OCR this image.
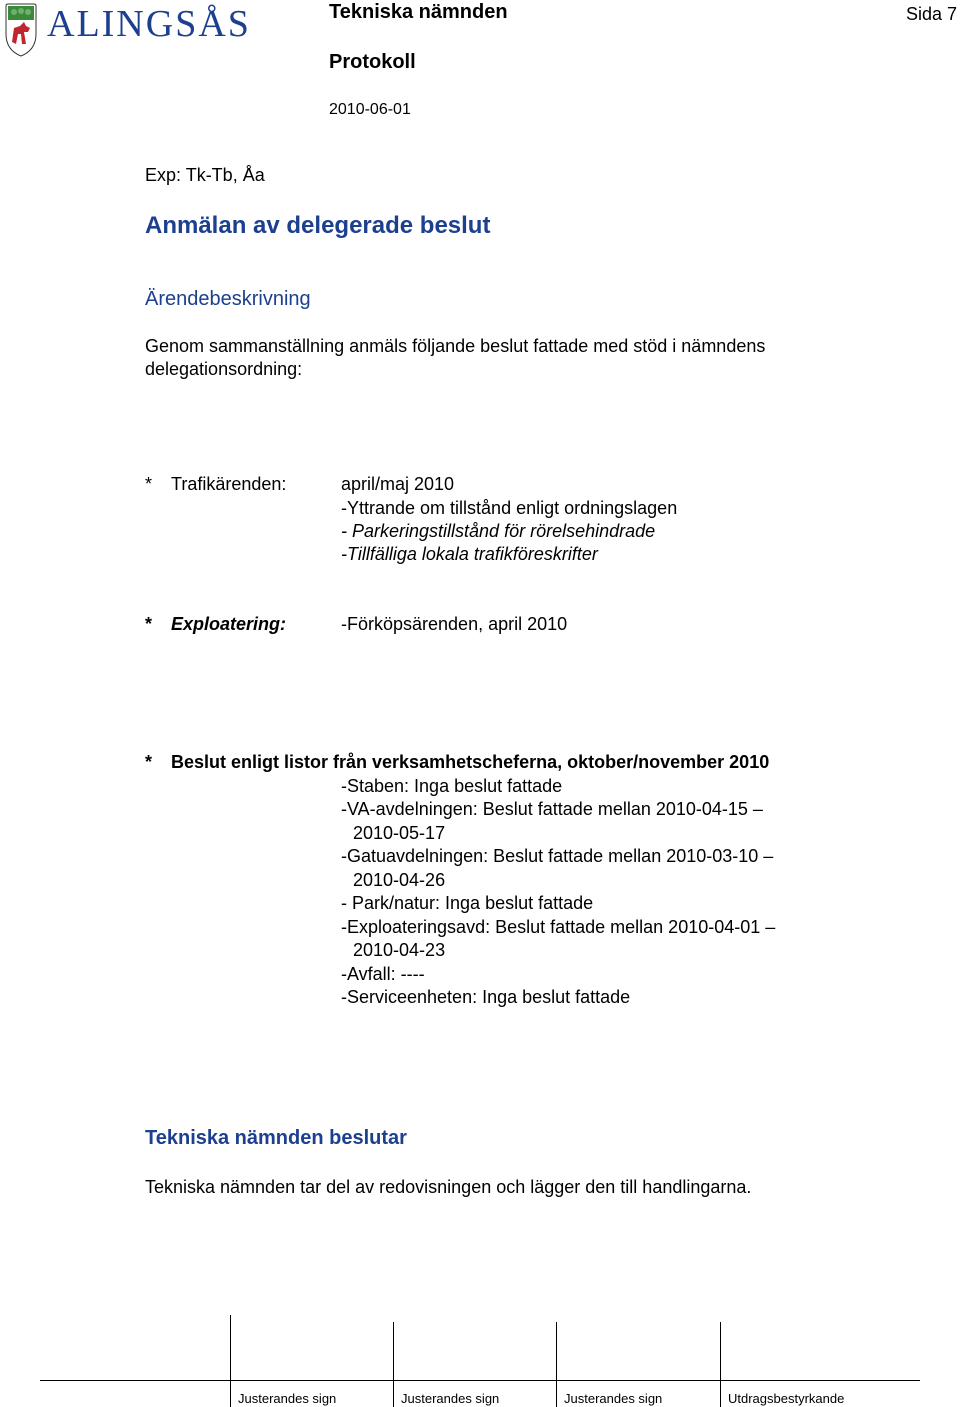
ALINGSÅS	Tekniska nämnden	Sida 7
Protokoll
2010-06-01
Exp: Tk-Tb, Åa
Anmälan av delegerade beslut
Ärendebeskrivning
Genom sammanställning anmäls följande beslut fattade med stöd i nämndens
delegationsordning:
* Trafikärenden:	april/maj 2010
-Yttrande om tillstånd enligt ordningslagen
- Parkeringstillstånd för rörelsehindrade
-Tillfälliga lokala trafikföreskrifter
* Exploatering:	-Förköpsärenden, april 2010
* Beslut enligt listor från verksamhetscheferna, oktober/november 2010
-Staben: Inga beslut fattade
-VA-avdelningen: Beslut fattade mellan 2010-04-15 –
2010-05-17
-Gatuavdelningen: Beslut fattade mellan 2010-03-10 –
2010-04-26
- Park/natur: Inga beslut fattade
-Exploateringsavd: Beslut fattade mellan 2010-04-01 –
2010-04-23
-Avfall: ----
-Serviceenheten: Inga beslut fattade
Tekniska nämnden beslutar
Tekniska nämnden tar del av redovisningen och lägger den till handlingarna.
Justerandes sign	Justerandes sign	Justerandes sign	Utdragsbestyrkande
